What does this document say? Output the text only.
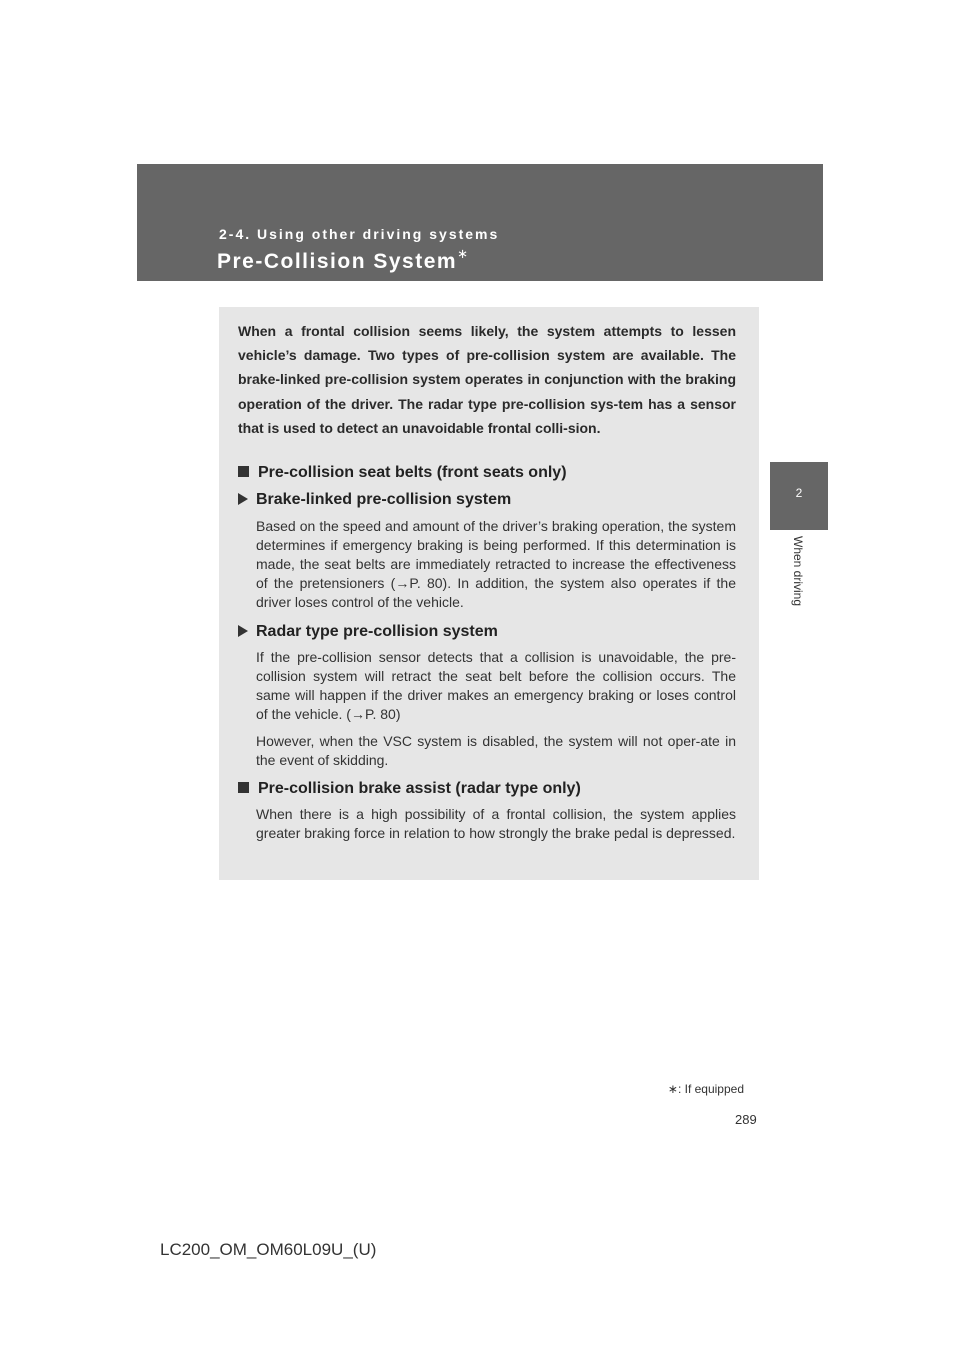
2-4. Using other driving systems

Pre-Collision System∗
2
When driving

When a frontal collision seems likely, the system attempts to lessen vehicle’s damage. Two types of pre-collision system are available. The brake-linked pre-collision system operates in conjunction with the braking operation of the driver. The radar type pre-collision sys-tem has a sensor that is used to detect an unavoidable frontal colli-sion.

Pre-collision seat belts (front seats only)
Brake-linked pre-collision system

Based on the speed and amount of the driver’s braking operation, the system determines if emergency braking is being performed. If this determination is made, the seat belts are immediately retracted to increase the effectiveness of the pretensioners (→P. 80). In addition, the system also operates if the driver loses control of the vehicle.

Radar type pre-collision system

If the pre-collision sensor detects that a collision is unavoidable, the pre-collision system will retract the seat belt before the collision occurs. The same will happen if the driver makes an emergency braking or loses control of the vehicle. (→P. 80)

However, when the VSC system is disabled, the system will not oper-ate in the event of skidding.

Pre-collision brake assist (radar type only)

When there is a high possibility of a frontal collision, the system applies greater braking force in relation to how strongly the brake pedal is depressed.

∗: If equipped

289

LC200_OM_OM60L09U_(U)
